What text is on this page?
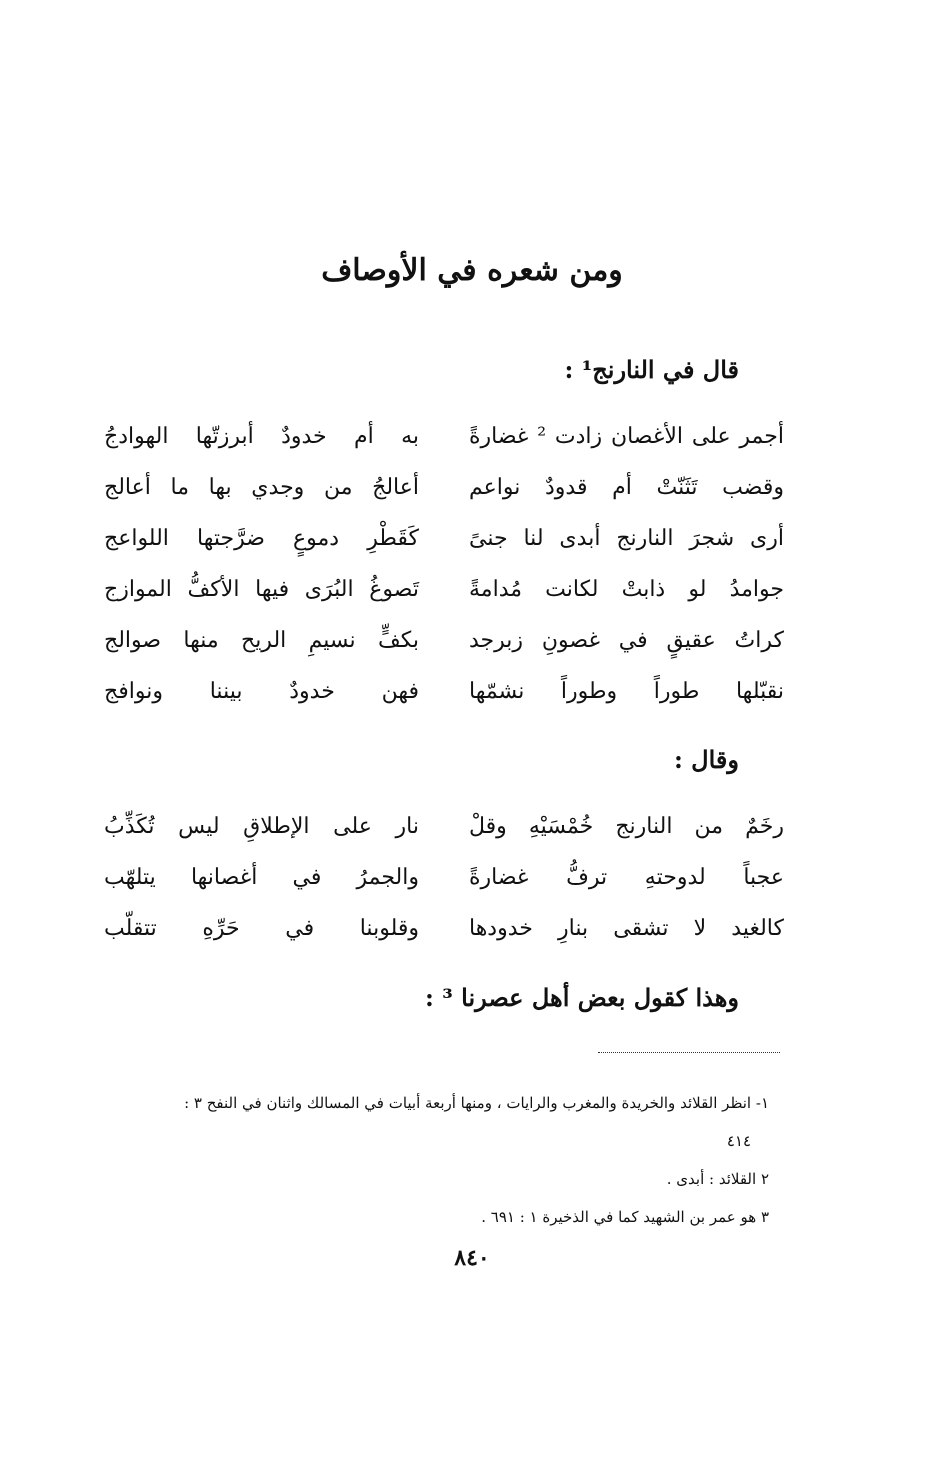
ومن شعره في الأوصاف
قال في النارنج¹ :
أجمر على الأغصان زادت ² غضارةً
به أم خدودٌ أبرزتّها الهوادجُ
وقضب تَثَنّتْ أم قدودٌ نواعم
أعالجُ من وجدي بها ما أعالج
أرى شجرَ النارنج أبدى لنا جنىً
كَقَطْرِ دموعٍ ضرَّجتها اللواعج
جوامدُ لو ذابتْ لكانت مُدامةً
تَصوغُ البُرَى فيها الأكفُّ الموازج
كراتُ عقيقٍ في غصونِ زبرجد
بكفٍّ نسيمِ الريح منها صوالج
نقبّلها طوراً وطوراً نشمّها
فهن خدودٌ بيننا ونوافج
وقال :
رخَمٌ من النارنج خُمْسَيْهِ وقلْ
نار على الإطلاقِ ليس تُكَذِّبُ
عجباً لدوحتهِ ترفُّ غضارةً
والجمرُ في أغصانها يتلهّب
كالغيد لا تشقى بنارِ خدودها
وقلوبنا في حَرِّهِ تتقلّب
وهذا كقول بعض أهل عصرنا ³ :
١- انظر القلائد والخريدة والمغرب والرايات ، ومنها أربعة أبيات في المسالك واثنان في النفح ٣ :
٤١٤
٢ القلائد : أبدى .
٣ هو عمر بن الشهيد كما في الذخيرة ١ : ٦٩١ .
٨٤٠
